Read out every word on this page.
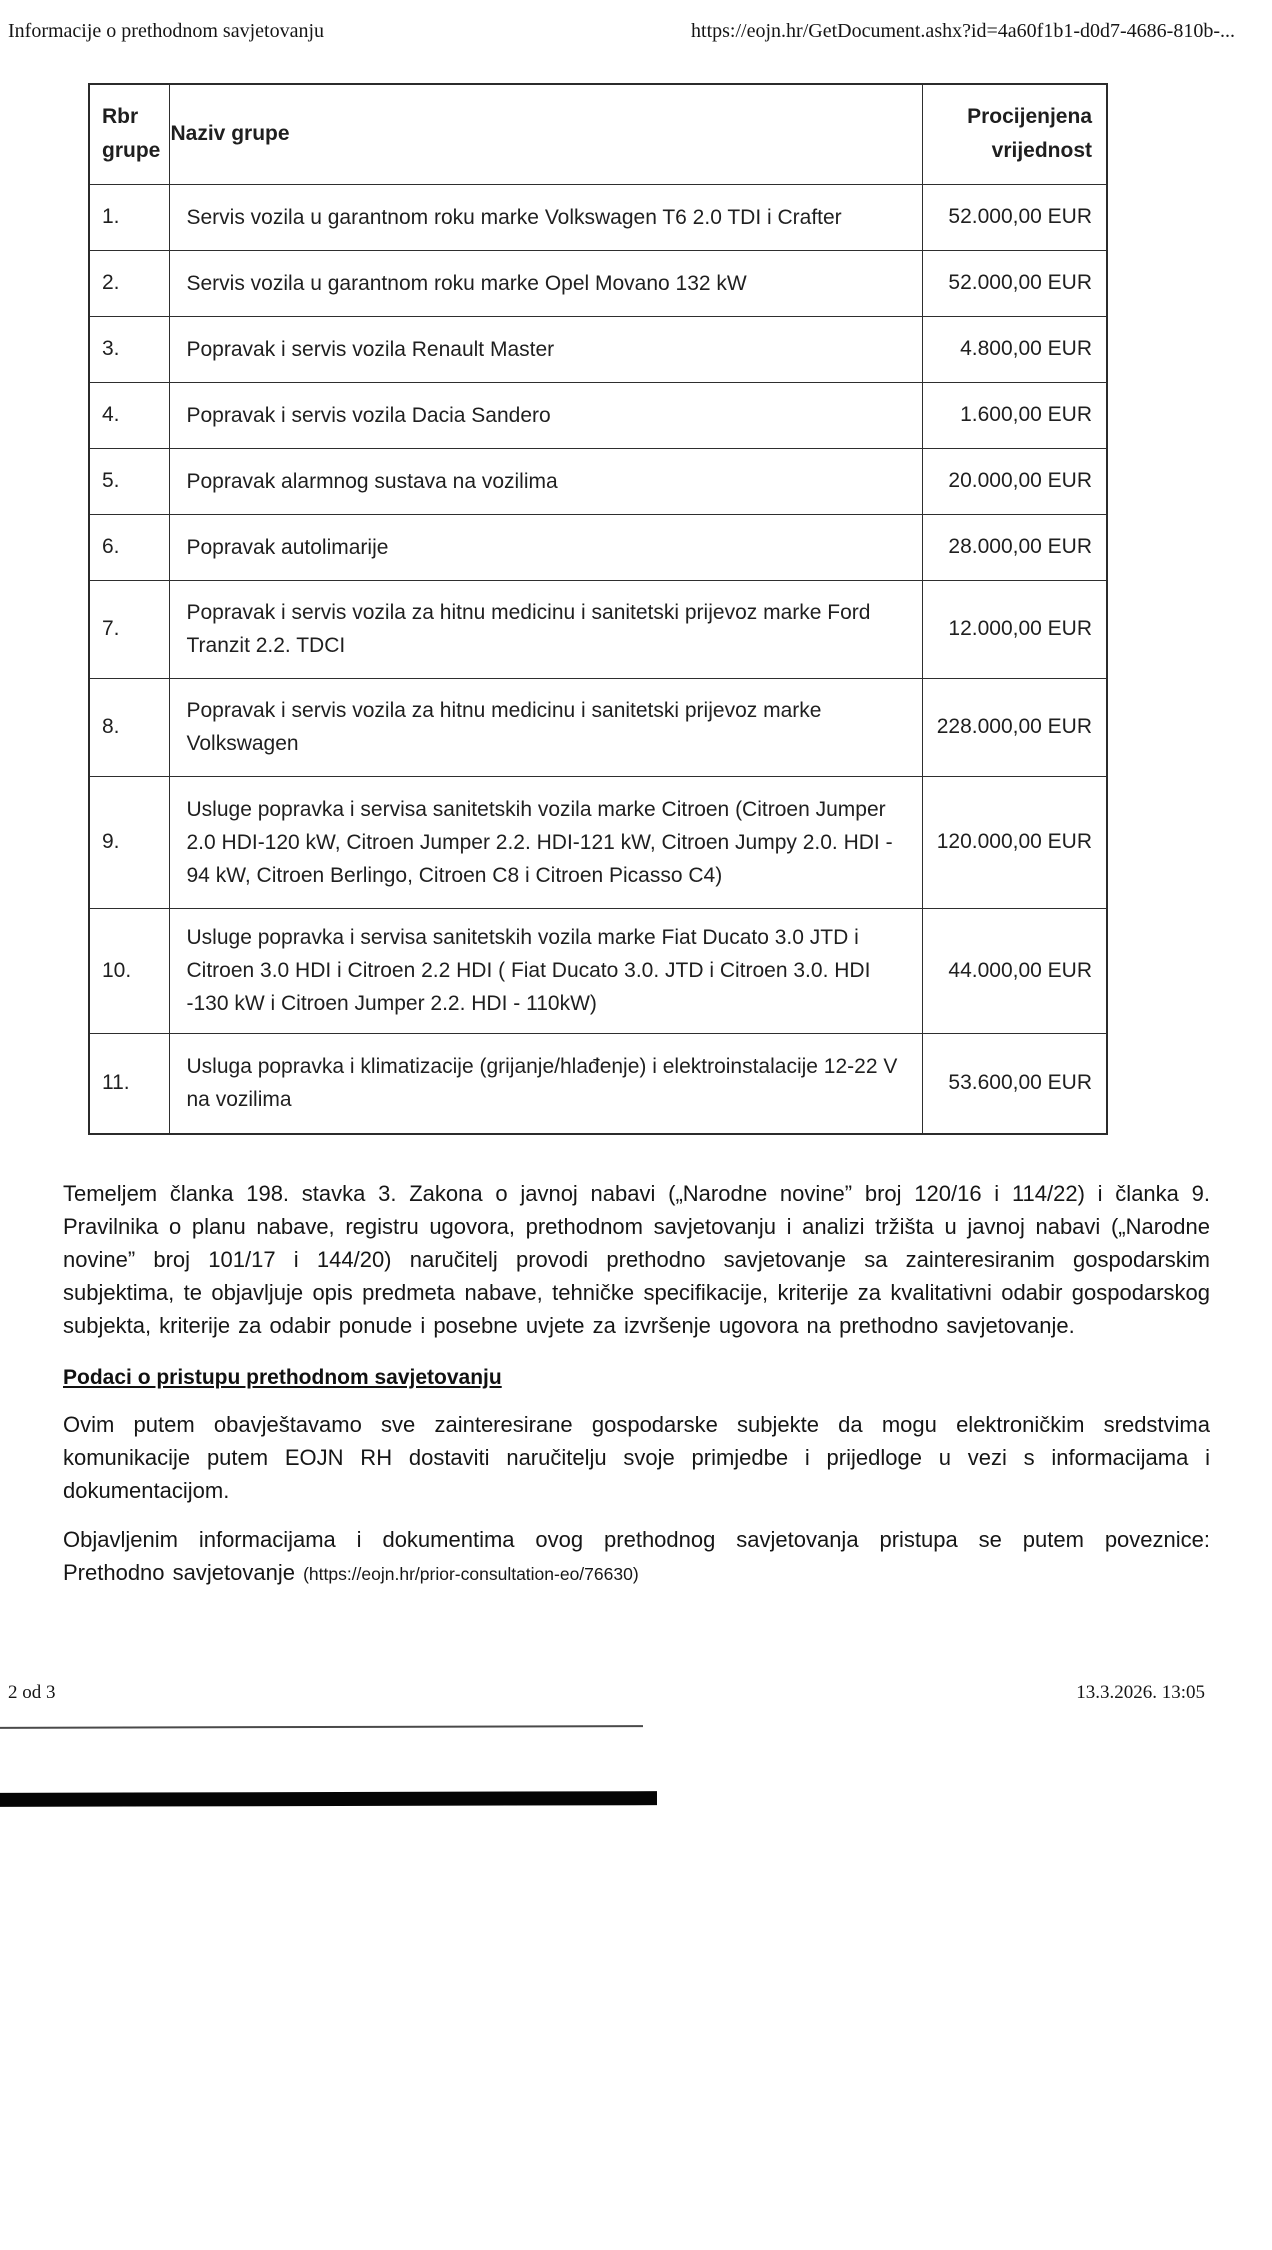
Informacije o prethodnom savjetovanju	https://eojn.hr/GetDocument.ashx?id=4a60f1b1-d0d7-4686-810b-...
Rbr grupe	Naziv grupe	Procijenjena vrijednost
1.	Servis vozila u garantnom roku marke Volkswagen T6 2.0 TDI i Crafter	52.000,00 EUR
2.	Servis vozila u garantnom roku marke Opel Movano 132 kW	52.000,00 EUR
3.	Popravak i servis vozila Renault Master	4.800,00 EUR
4.	Popravak i servis vozila Dacia Sandero	1.600,00 EUR
5.	Popravak alarmnog sustava na vozilima	20.000,00 EUR
6.	Popravak autolimarije	28.000,00 EUR
7.	Popravak i servis vozila za hitnu medicinu i sanitetski prijevoz marke Ford Tranzit 2.2. TDCI	12.000,00 EUR
8.	Popravak i servis vozila za hitnu medicinu i sanitetski prijevoz marke Volkswagen	228.000,00 EUR
9.	Usluge popravka i servisa sanitetskih vozila marke Citroen (Citroen Jumper 2.0 HDI-120 kW, Citroen Jumper 2.2. HDI-121 kW, Citroen Jumpy 2.0. HDI - 94 kW, Citroen Berlingo, Citroen C8 i Citroen Picasso C4)	120.000,00 EUR
10.	Usluge popravka i servisa sanitetskih vozila marke Fiat Ducato 3.0 JTD i Citroen 3.0 HDI i Citroen 2.2 HDI ( Fiat Ducato 3.0. JTD i Citroen 3.0. HDI -130 kW i Citroen Jumper 2.2. HDI - 110kW)	44.000,00 EUR
11.	Usluga popravka i klimatizacije (grijanje/hlađenje) i elektroinstalacije 12-22 V na vozilima	53.600,00 EUR

Temeljem članka 198. stavka 3. Zakona o javnoj nabavi („Narodne novine” broj 120/16 i 114/22) i članka 9. Pravilnika o planu nabave, registru ugovora, prethodnom savjetovanju i analizi tržišta u javnoj nabavi („Narodne novine” broj 101/17 i 144/20) naručitelj provodi prethodno savjetovanje sa zainteresiranim gospodarskim subjektima, te objavljuje opis predmeta nabave, tehničke specifikacije, kriterije za kvalitativni odabir gospodarskog subjekta, kriterije za odabir ponude i posebne uvjete za izvršenje ugovora na prethodno savjetovanje.

Podaci o pristupu prethodnom savjetovanju

Ovim putem obavještavamo sve zainteresirane gospodarske subjekte da mogu elektroničkim sredstvima komunikacije putem EOJN RH dostaviti naručitelju svoje primjedbe i prijedloge u vezi s informacijama i dokumentacijom.

Objavljenim informacijama i dokumentima ovog prethodnog savjetovanja pristupa se putem poveznice:
Prethodno savjetovanje (https://eojn.hr/prior-consultation-eo/76630)
2 od 3	13.3.2026. 13:05
